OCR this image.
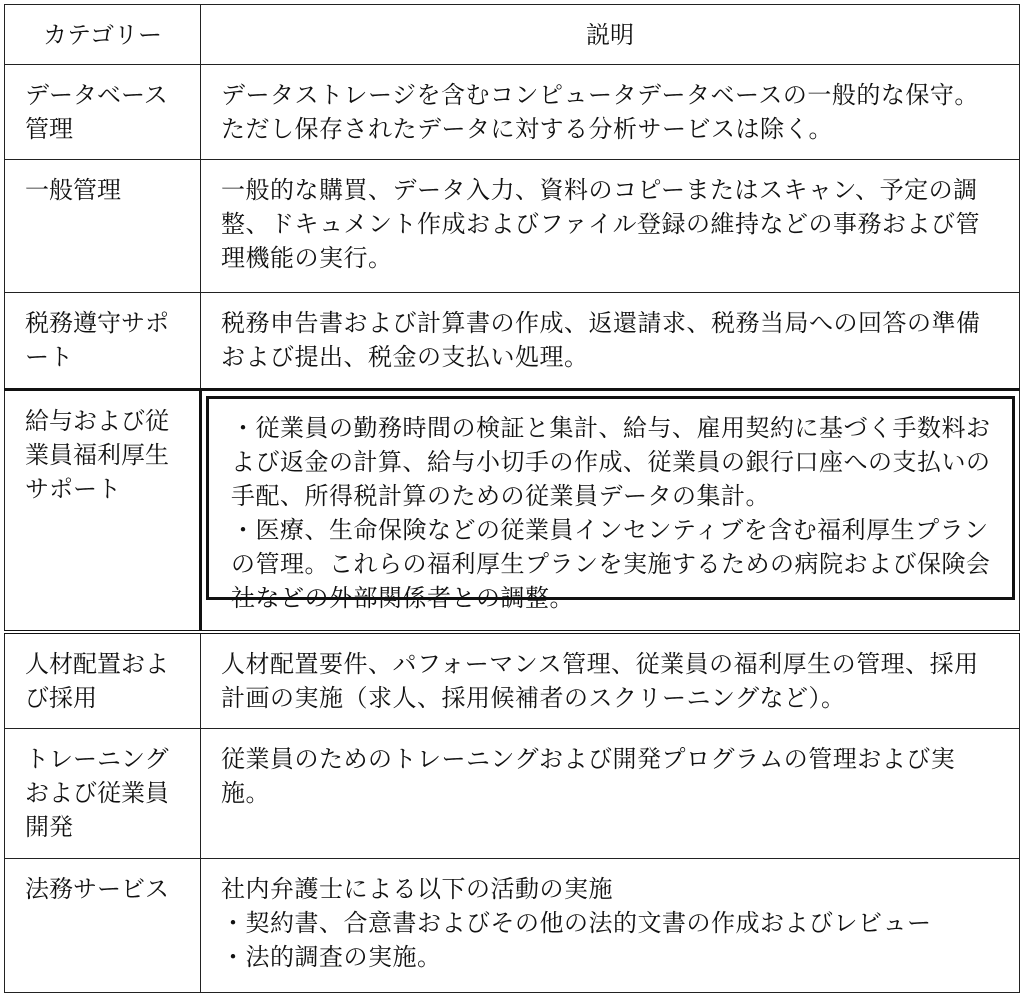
カテゴリー	説明
データベース管理	データストレージを含むコンピュータデータベースの一般的な保守。ただし保存されたデータに対する分析サービスは除く。
一般管理	一般的な購買、データ入力、資料のコピーまたはスキャン、予定の調整、ドキュメント作成およびファイル登録の維持などの事務および管理機能の実行。
税務遵守サポート	税務申告書および計算書の作成、返還請求、税務当局への回答の準備および提出、税金の支払い処理。
給与および従業員福利厚生サポート	・従業員の勤務時間の検証と集計、給与、雇用契約に基づく手数料および返金の計算、給与小切手の作成、従業員の銀行口座への支払いの手配、所得税計算のための従業員データの集計。
・医療、生命保険などの従業員インセンティブを含む福利厚生プランの管理。これらの福利厚生プランを実施するための病院および保険会社などの外部関係者との調整。

人材配置および採用	人材配置要件、パフォーマンス管理、従業員の福利厚生の管理、採用計画の実施（求人、採用候補者のスクリーニングなど）。
トレーニングおよび従業員開発	従業員のためのトレーニングおよび開発プログラムの管理および実施。
法務サービス	社内弁護士による以下の活動の実施
・契約書、合意書およびその他の法的文書の作成およびレビュー
・法的調査の実施。
